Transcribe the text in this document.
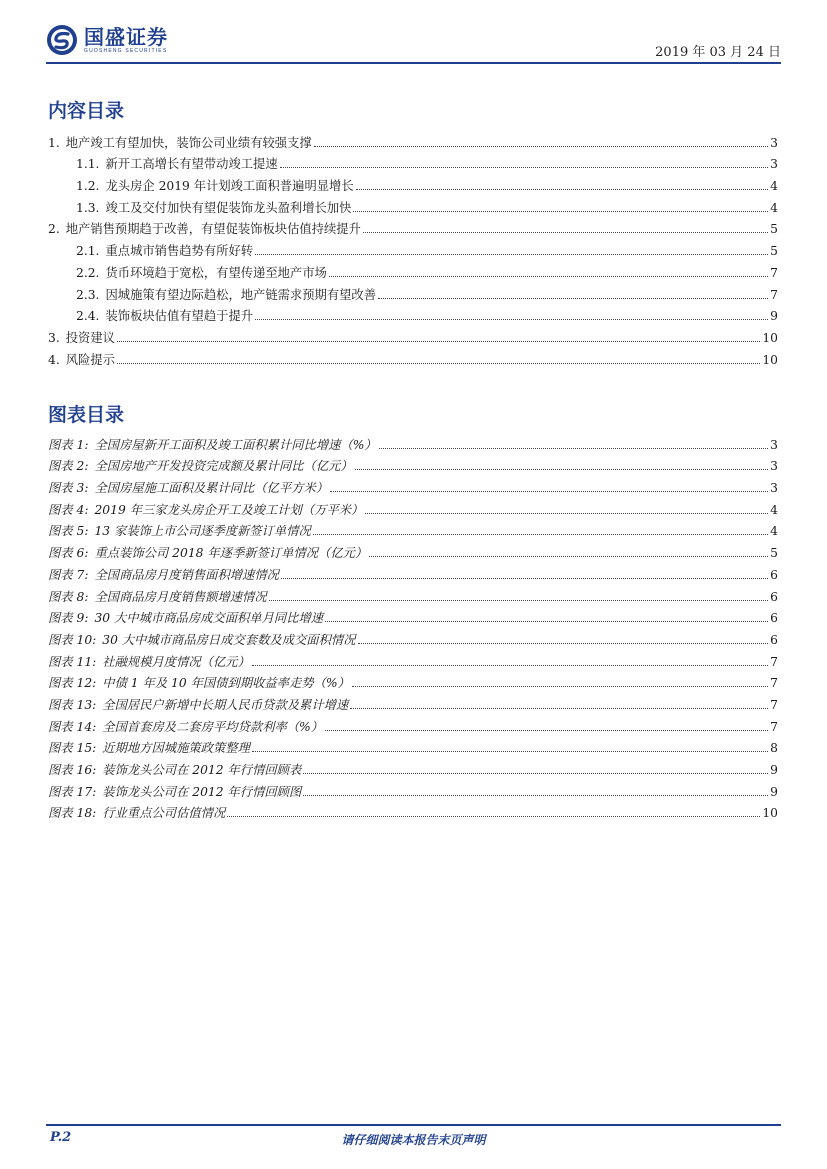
国盛证券
GUOSHENG SECURITIES	2019 年 03 月 24 日
内容目录
1. 地产竣工有望加快，装饰公司业绩有较强支撑	3
1.1. 新开工高增长有望带动竣工提速	3
1.2. 龙头房企 2019 年计划竣工面积普遍明显增长	4
1.3. 竣工及交付加快有望促装饰龙头盈利增长加快	4
2. 地产销售预期趋于改善，有望促装饰板块估值持续提升	5
2.1. 重点城市销售趋势有所好转	5
2.2. 货币环境趋于宽松，有望传递至地产市场	7
2.3. 因城施策有望边际趋松，地产链需求预期有望改善	7
2.4. 装饰板块估值有望趋于提升	9
3. 投资建议	10
4. 风险提示	10
图表目录
图表 1: 全国房屋新开工面积及竣工面积累计同比增速（%）	3
图表 2: 全国房地产开发投资完成额及累计同比（亿元）	3
图表 3: 全国房屋施工面积及累计同比（亿平方米）	3
图表 4: 2019 年三家龙头房企开工及竣工计划（万平米）	4
图表 5: 13 家装饰上市公司逐季度新签订单情况	4
图表 6: 重点装饰公司 2018 年逐季新签订单情况（亿元）	5
图表 7: 全国商品房月度销售面积增速情况	6
图表 8: 全国商品房月度销售额增速情况	6
图表 9: 30 大中城市商品房成交面积单月同比增速	6
图表 10: 30 大中城市商品房日成交套数及成交面积情况	6
图表 11: 社融规模月度情况（亿元）	7
图表 12: 中债 1 年及 10 年国债到期收益率走势（%）	7
图表 13: 全国居民户新增中长期人民币贷款及累计增速	7
图表 14: 全国首套房及二套房平均贷款利率（%）	7
图表 15: 近期地方因城施策政策整理	8
图表 16: 装饰龙头公司在 2012 年行情回顾表	9
图表 17: 装饰龙头公司在 2012 年行情回顾图	9
图表 18: 行业重点公司估值情况	10
P.2	请仔细阅读本报告末页声明
